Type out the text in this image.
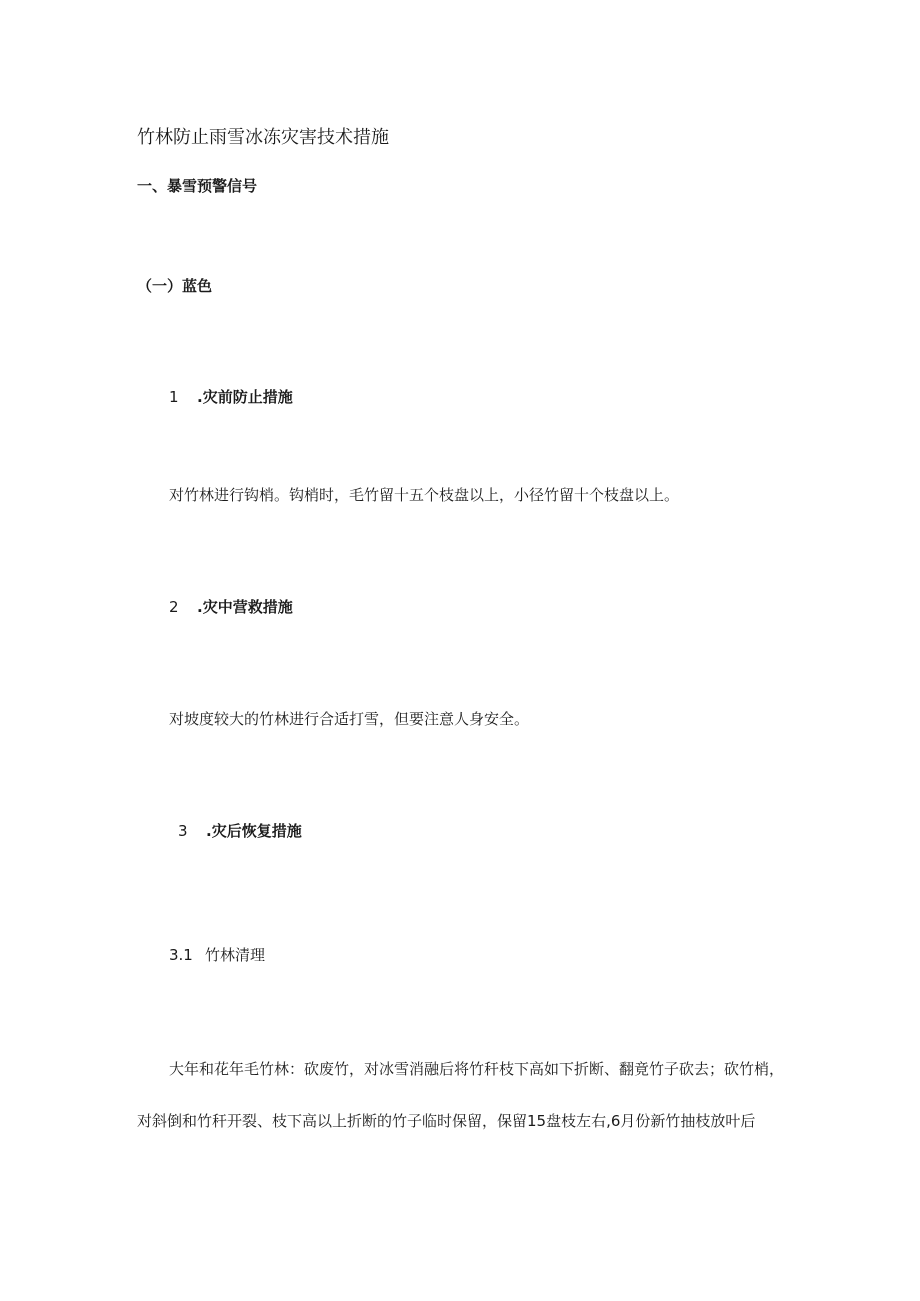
竹林防止雨雪冰冻灾害技术措施
一、暴雪预警信号
（一）蓝色
1 .灾前防止措施
对竹林进行钩梢。钩梢时，毛竹留十五个枝盘以上，小径竹留十个枝盘以上。
2 .灾中营救措施
对坡度较大的竹林进行合适打雪，但要注意人身安全。
3 .灾后恢复措施
3.1 竹林清理
大年和花年毛竹林：砍废竹，对冰雪消融后将竹秆枝下高如下折断、翻竟竹子砍去；砍竹梢，
对斜倒和竹秆开裂、枝下高以上折断的竹子临时保留，保留15盘枝左右,6月份新竹抽枝放叶后
